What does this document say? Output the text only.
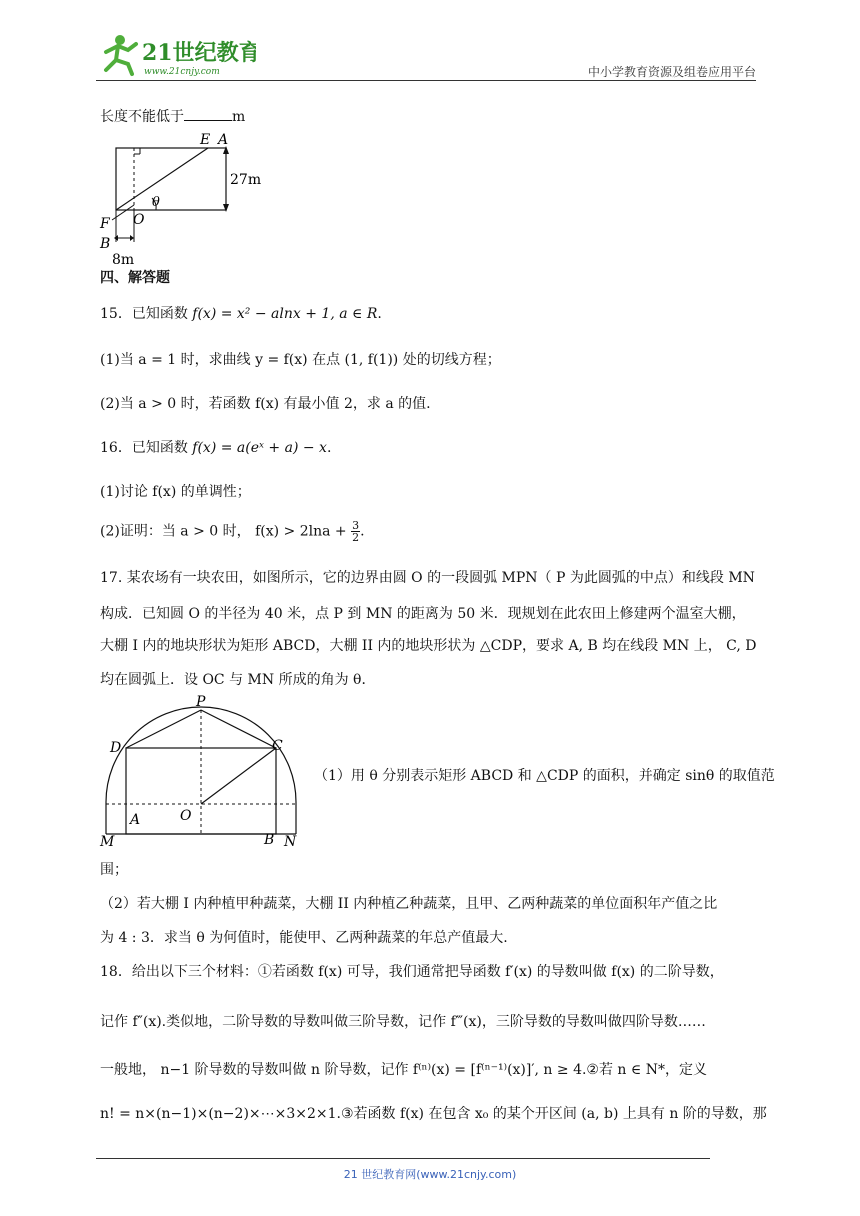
21世纪教育
www.21cnjy.com	中小学教育资源及组卷应用平台
长度不能低于	m
E A
27m
θ
O
F
B
8m
四、解答题
15．已知函数 f(x) = x² − alnx + 1, a ∈ R.
(1)当 a = 1 时，求曲线 y = f(x) 在点 (1, f(1)) 处的切线方程；
(2)当 a > 0 时，若函数 f(x) 有最小值 2，求 a 的值.
16．已知函数 f(x) = a(eˣ + a) − x.
(1)讨论 f(x) 的单调性；
(2)证明：当 a > 0 时， $f(x) > 2\ln a + \frac{3}{2}$ .
17. 某农场有一块农田，如图所示，它的边界由圆 O 的一段圆弧 MPN（ P 为此圆弧的中点）和线段 MN
构成．已知圆 O 的半径为 40 米，点 P 到 MN 的距离为 50 米．现规划在此农田上修建两个温室大棚，
大棚 I 内的地块形状为矩形 ABCD，大棚 II 内的地块形状为 △CDP，要求 A, B 均在线段 MN 上， C, D
均在圆弧上．设 OC 与 MN 所成的角为 θ．
P
D	C
O
M
A
B N
（1）用 θ 分别表示矩形 ABCD 和 △CDP 的面积，并确定 sinθ 的取值范
围；
（2）若大棚 I 内种植甲种蔬菜，大棚 II 内种植乙种蔬菜，且甲、乙两种蔬菜的单位面积年产值之比
为 4 : 3．求当 θ 为何值时，能使甲、乙两种蔬菜的年总产值最大.
18．给出以下三个材料：①若函数 f(x) 可导，我们通常把导函数 f′(x) 的导数叫做 f(x) 的二阶导数，
记作 f″(x).类似地，二阶导数的导数叫做三阶导数，记作 f‴(x)，三阶导数的导数叫做四阶导数……
一般地， n−1 阶导数的导数叫做 n 阶导数，记作 f⁽ⁿ⁾(x) = [f⁽ⁿ⁻¹⁾(x)]′, n ≥ 4.②若 n ∈ N*，定义
n! = n×(n−1)×(n−2)×⋯×3×2×1.③若函数 f(x) 在包含 x₀ 的某个开区间 (a, b) 上具有 n 阶的导数，那
21 世纪教育网(www.21cnjy.com)
